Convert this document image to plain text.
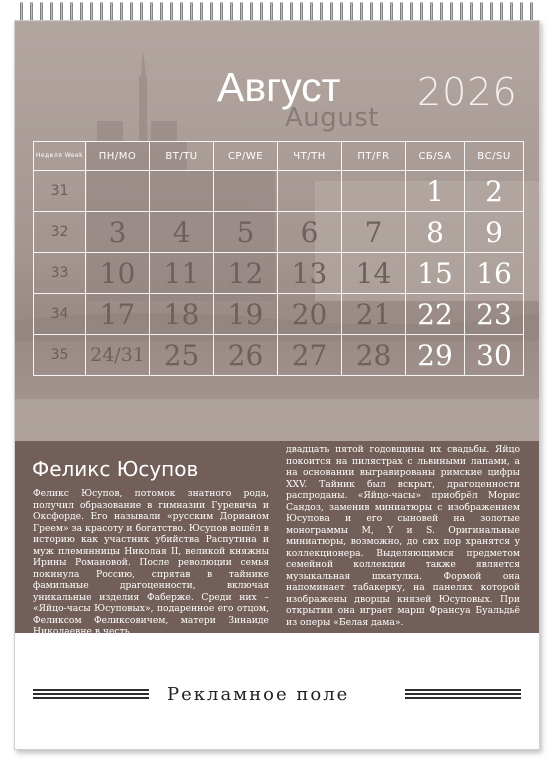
Август
August
2026
Неделя Week	ПН/MO	ВТ/TU	СР/WE	ЧТ/TH	ПТ/FR	СБ/SA	ВС/SU
31						1	2
32	3	4	5	6	7	8	9
33	10	11	12	13	14	15	16
34	17	18	19	20	21	22	23
35	24/31	25	26	27	28	29	30
Феликс Юсупов

Феликс Юсупов, потомок знатного рода, получил образование в гимназии Гуревича и Оксфорде. Его называли «русским Дорианом Греем» за красоту и богатство. Юсупов вошёл в историю как участник убийства Распутина и муж племянницы Николая II, великой княжны Ирины Романовой. После революции семья покинула Россию, спрятав в тайнике фамильные драгоценности, включая уникальные изделия Фаберже. Среди них – «Яйцо-часы Юсуповых», подаренное его отцом, Феликсом Феликсовичем, матери Зинаиде Николаевне в честь

двадцать пятой годовщины их свадьбы. Яйцо покоится на пилястрах с львиными лапами, а на основании выгравированы римские цифры XXV. Тайник был вскрыт, драгоценности распроданы. «Яйцо-часы» приобрёл Морис Сандоз, заменив миниатюры с изображением Юсупова и его сыновей на золотые монограммы M, Y и S. Оригинальные миниатюры, возможно, до сих пор хранятся у коллекционера. Выделяющимся предметом семейной коллекции также является музыкальная шкатулка. Формой она напоминает табакерку, на панелях которой изображены дворцы князей Юсуповых. При открытии она играет марш Франсуа Буальдьё из оперы «Белая дама».

Рекламное поле
